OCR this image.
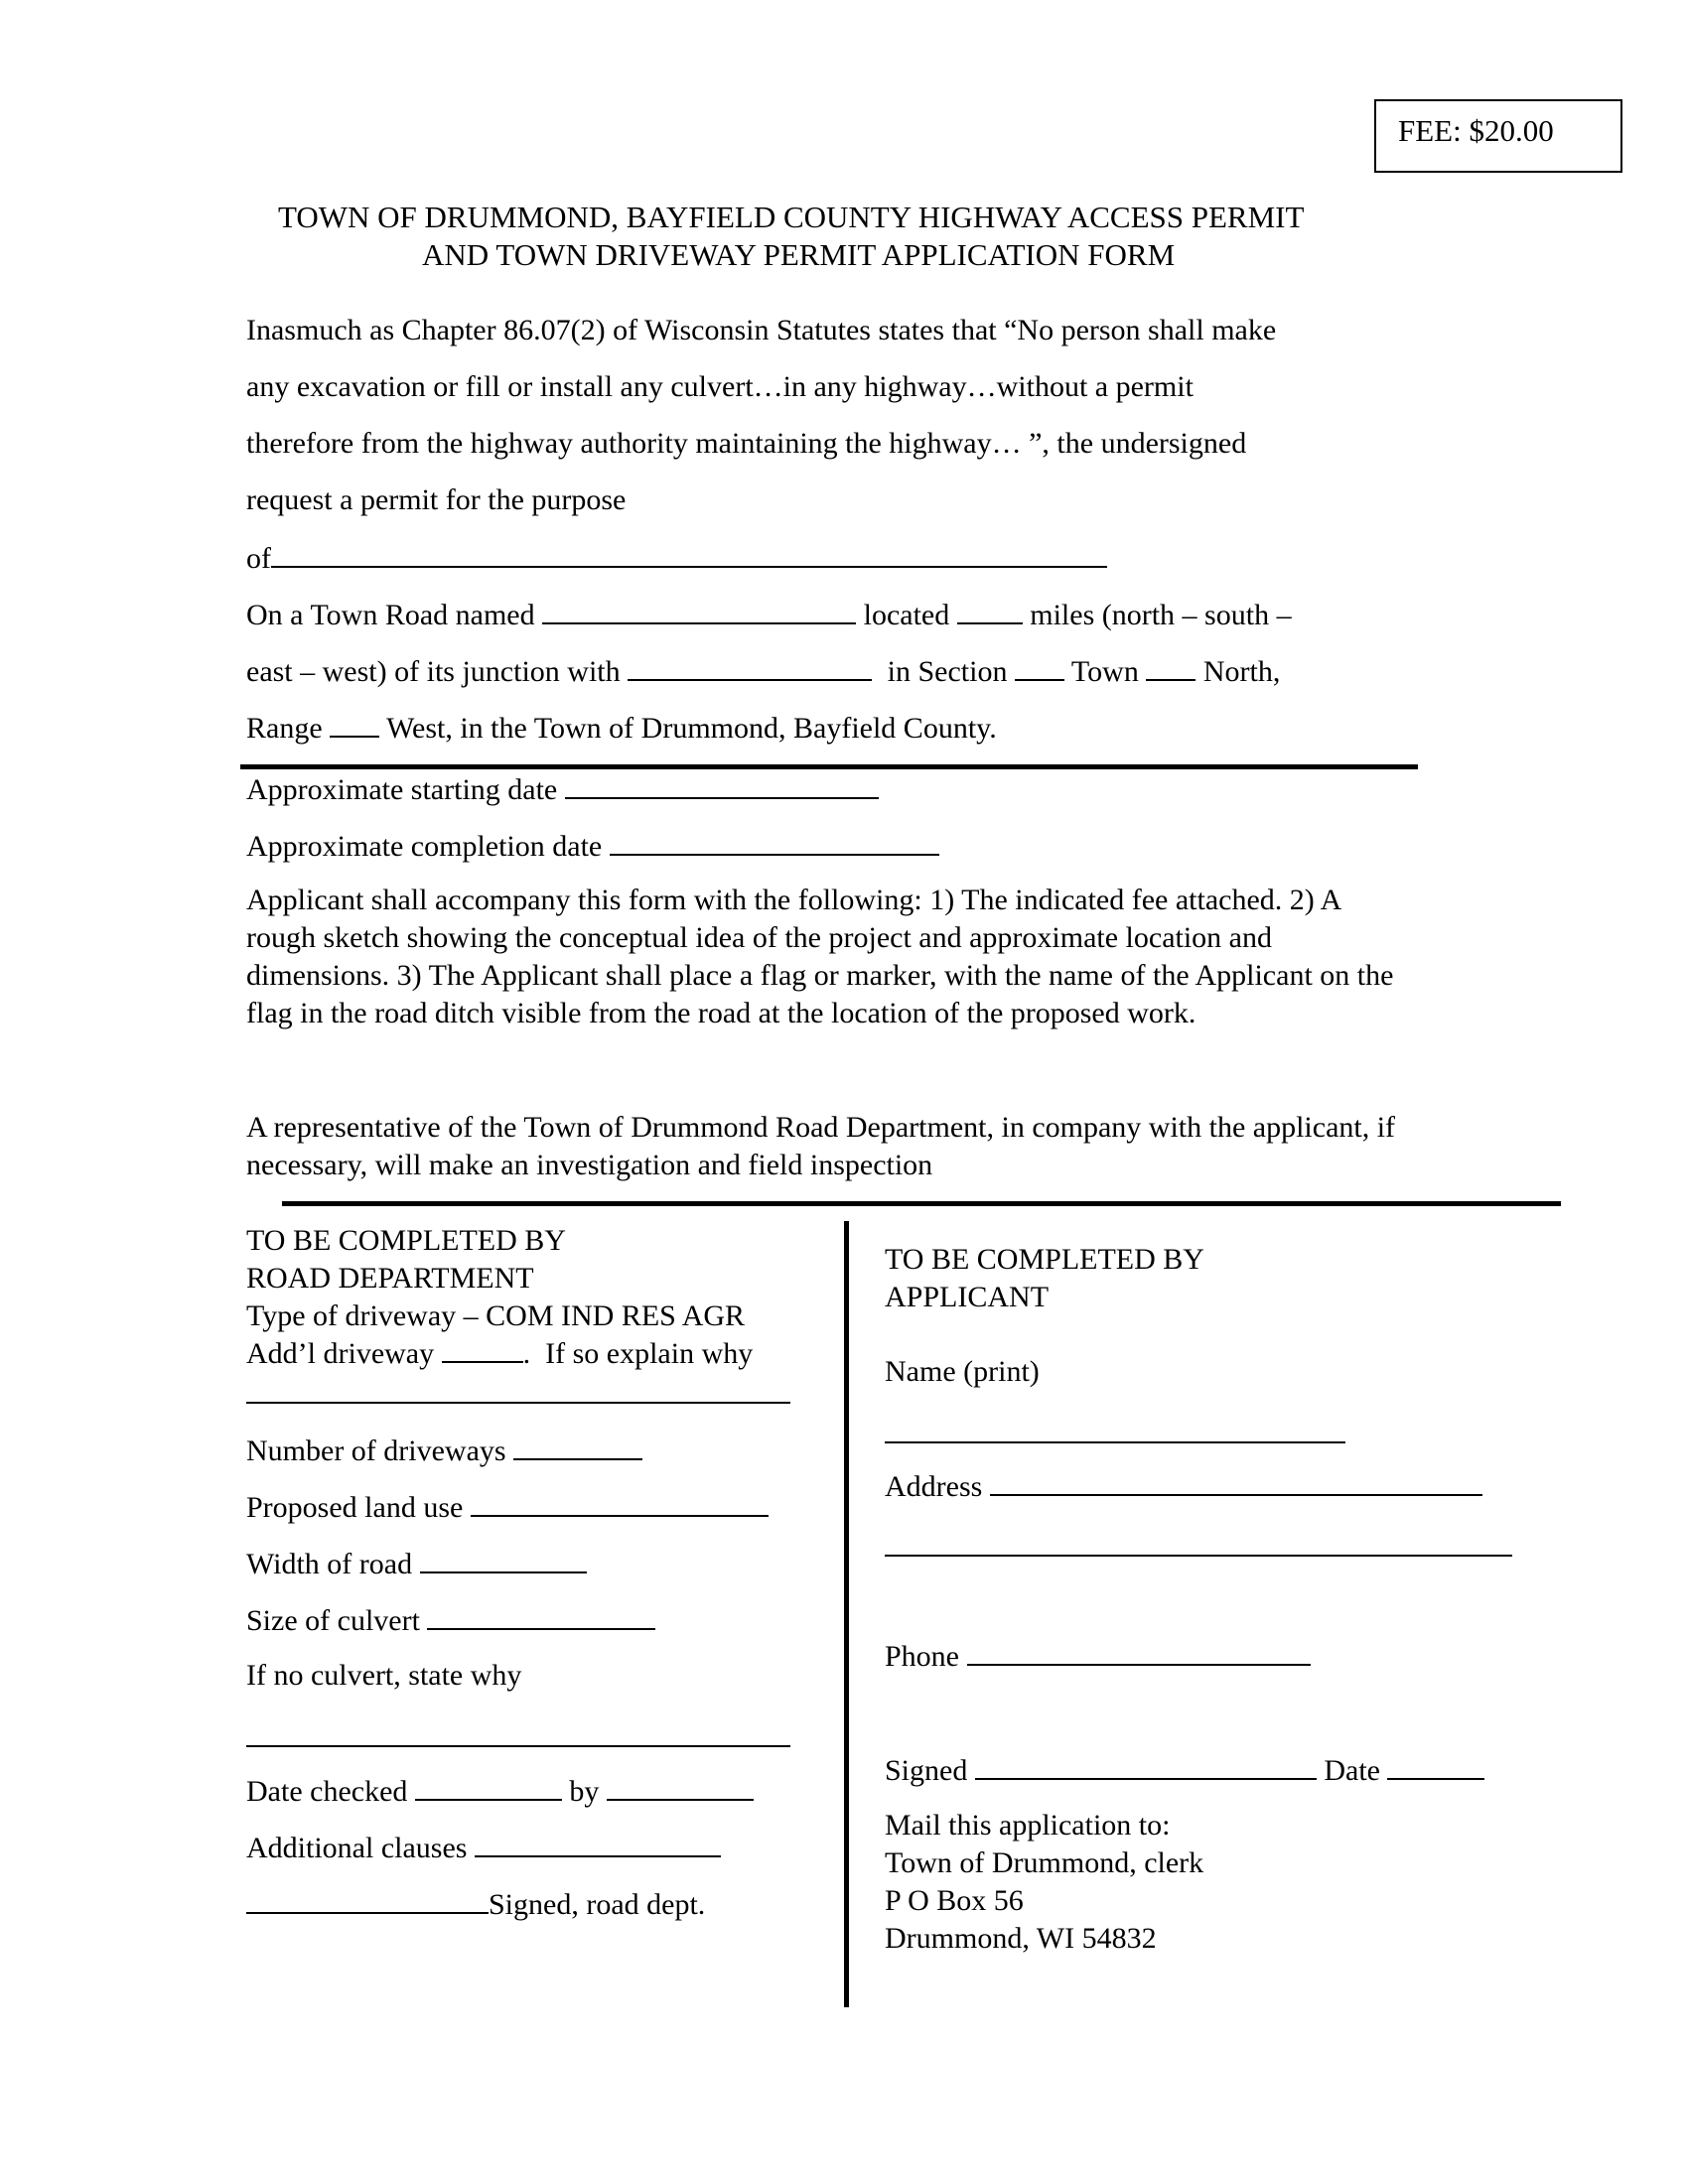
FEE: $20.00
TOWN OF DRUMMOND, BAYFIELD COUNTY HIGHWAY ACCESS PERMIT
AND TOWN DRIVEWAY PERMIT APPLICATION FORM
Inasmuch as Chapter 86.07(2) of Wisconsin Statutes states that “No person shall make
any excavation or fill or install any culvert…in any highway…without a permit
therefore from the highway authority maintaining the highway… ”, the undersigned
request a permit for the purpose
of
On a Town Road named	located	miles (north – south –
east – west) of its junction with	in Section Town North,
Range West, in the Town of Drummond, Bayfield County.
Approximate starting date
Approximate completion date
Applicant shall accompany this form with the following: 1) The indicated fee attached. 2) A rough sketch showing the conceptual idea of the project and approximate location and dimensions. 3) The Applicant shall place a flag or marker, with the name of the Applicant on the flag in the road ditch visible from the road at the location of the proposed work.
A representative of the Town of Drummond Road Department, in company with the applicant, if necessary, will make an investigation and field inspection
TO BE COMPLETED BY
ROAD DEPARTMENT
Type of driveway – COM IND RES AGR
Add’l driveway	.  If so explain why
Number of driveways
Proposed land use
Width of road
Size of culvert
If no culvert, state why
Date checked	by
Additional clauses
Signed, road dept.
TO BE COMPLETED BY
APPLICANT
Name (print)
Address
Phone
Signed	Date
Mail this application to:
Town of Drummond, clerk
P O Box 56
Drummond, WI 54832
